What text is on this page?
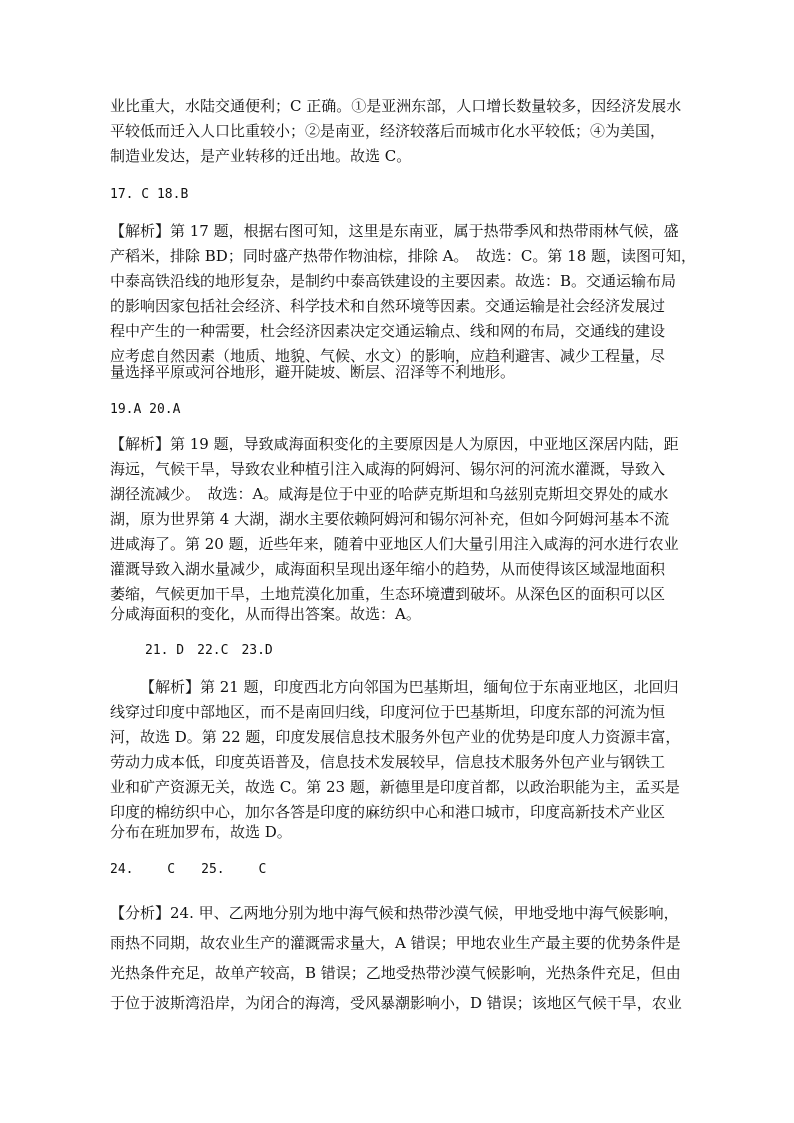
业比重大，水陆交通便利；C 正确。①是亚洲东部，人口增长数量较多，因经济发展水
平较低而迁入人口比重较小；②是南亚，经济较落后而城市化水平较低；④为美国，
制造业发达，是产业转移的迁出地。故选 C。
17. C 18.B
【解析】第 17 题，根据右图可知，这里是东南亚，属于热带季风和热带雨林气候，盛
产稻米，排除 BD；同时盛产热带作物油棕，排除 A。　故选：C。第 18 题，读图可知，
中泰高铁沿线的地形复杂，是制约中泰高铁建设的主要因素。故选：B。交通运输布局
的影响因家包括社会经济、科学技术和自然环境等因素。交通运输是社会经济发展过
程中产生的一种需要，杜会经济因素决定交通运输点、线和网的布局，交通线的建设
应考虑自然因素（地质、地貌、气候、水文）的影响，应趋利避害、减少工程量，尽
量选择平原或河谷地形，避开陡坡、断层、沼泽等不利地形。
19.A 20.A
【解析】第 19 题，导致咸海面积变化的主要原因是人为原因，中亚地区深居内陆，距
海远，气候干旱，导致农业种植引注入咸海的阿姆河、锡尔河的河流水灌溉，导致入
湖径流减少。　故选：A。咸海是位于中亚的哈萨克斯坦和乌兹别克斯坦交界处的咸水
湖，原为世界第 4 大湖，湖水主要依赖阿姆河和锡尔河补充，但如今阿姆河基本不流
进咸海了。第 20 题，近些年来，随着中亚地区人们大量引用注入咸海的河水进行农业
灌溉导致入湖水量减少，咸海面积呈现出逐年缩小的趋势，从而使得该区域湿地面积
萎缩，气候更加干旱，土地荒漠化加重，生态环境遭到破坏。从深色区的面积可以区
分咸海面积的变化，从而得出答案。故选：A。
21. D　22.C　23.D
【解析】第 21 题，印度西北方向邻国为巴基斯坦，缅甸位于东南亚地区，北回归
线穿过印度中部地区，而不是南回归线，印度河位于巴基斯坦，印度东部的河流为恒
河，故选 D。第 22 题，印度发展信息技术服务外包产业的优势是印度人力资源丰富，
劳动力成本低，印度英语普及，信息技术发展较早，信息技术服务外包产业与钢铁工
业和矿产资源无关，故选 C。第 23 题，新德里是印度首都，以政治职能为主，孟买是
印度的棉纺织中心，加尔各答是印度的麻纺织中心和港口城市，印度高新技术产业区
分布在班加罗布，故选 D。
24.　　 C　　25.　　 C
【分析】24. 甲、乙两地分别为地中海气候和热带沙漠气候，甲地受地中海气候影响，
雨热不同期，故农业生产的灌溉需求量大，A 错误；甲地农业生产最主要的优势条件是
光热条件充足，故单产较高，B 错误；乙地受热带沙漠气候影响，光热条件充足，但由
于位于波斯湾沿岸，为闭合的海湾，受风暴潮影响小，D 错误；该地区气候干旱，农业
